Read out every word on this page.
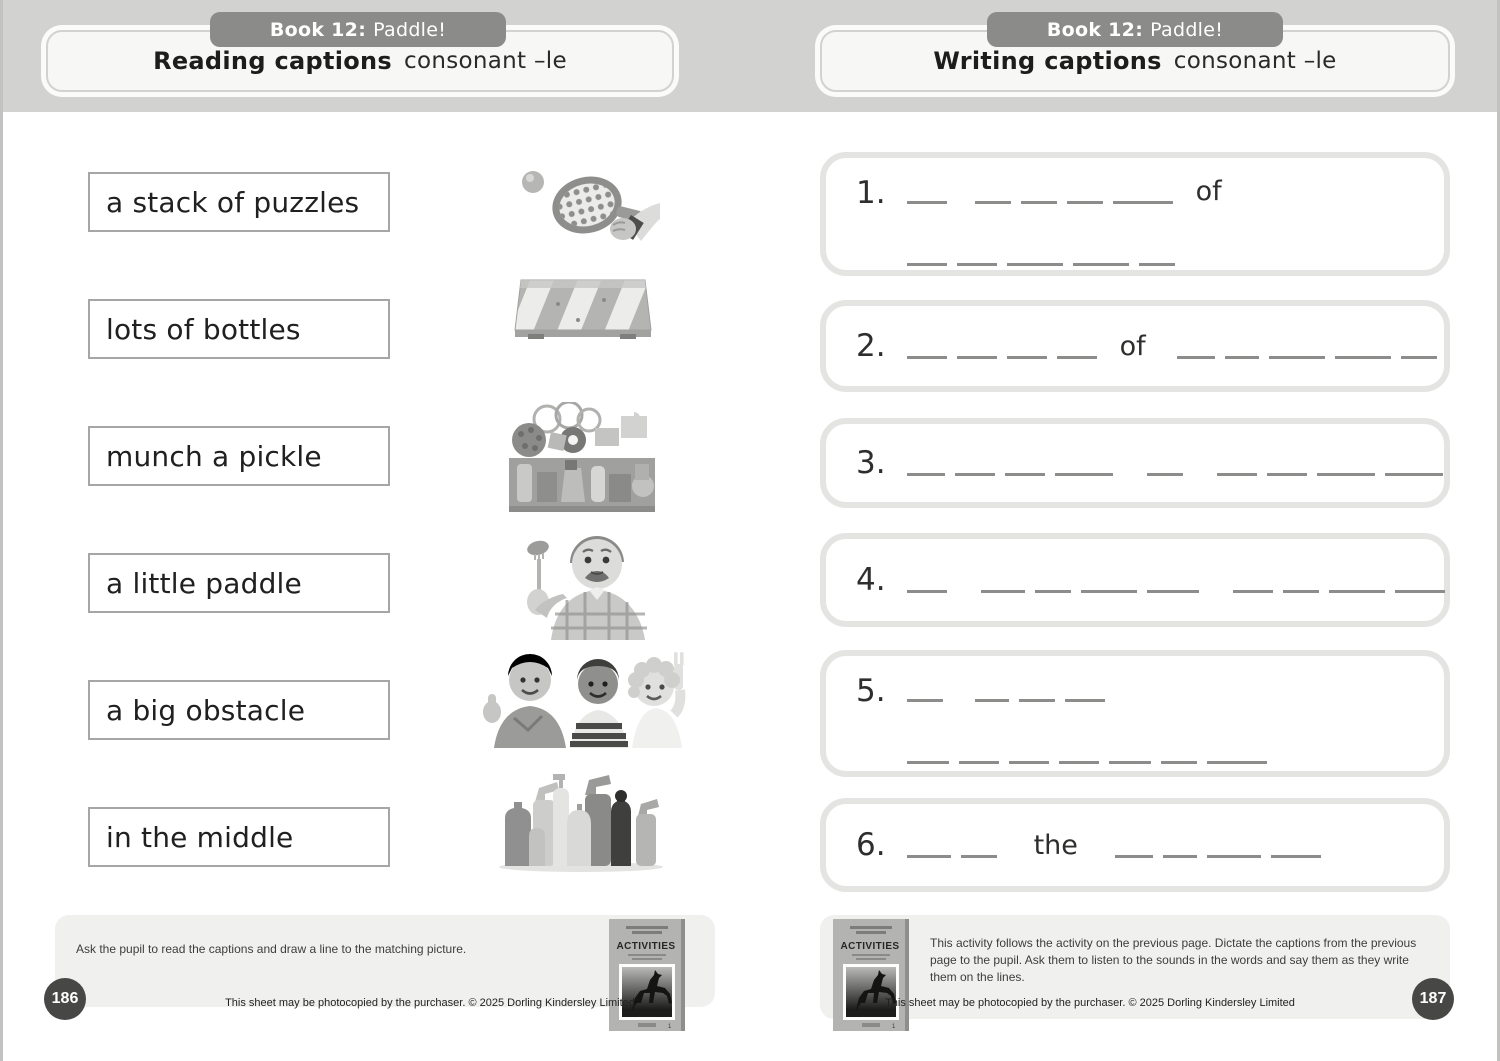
Reading captions consonant –le
Book 12: Paddle!
Writing captions consonant –le
Book 12: Paddle!
a stack of puzzles
lots of bottles
munch a pickle
a little paddle
a big obstacle
in the middle
1.	of
2.	of
3.
4.
5.
6.	the
Ask the pupil to read the captions and draw a line to the matching picture.	This activity follows the activity on the previous page. Dictate the captions from the previous page to the pupil. Ask them to listen to the sounds in the words and say them as they write them on the lines.
ACTIVITIES
1
ACTIVITIES
1
This sheet may be photocopied by the purchaser. © 2025 Dorling Kindersley Limited	This sheet may be photocopied by the purchaser. © 2025 Dorling Kindersley Limited
186	187
